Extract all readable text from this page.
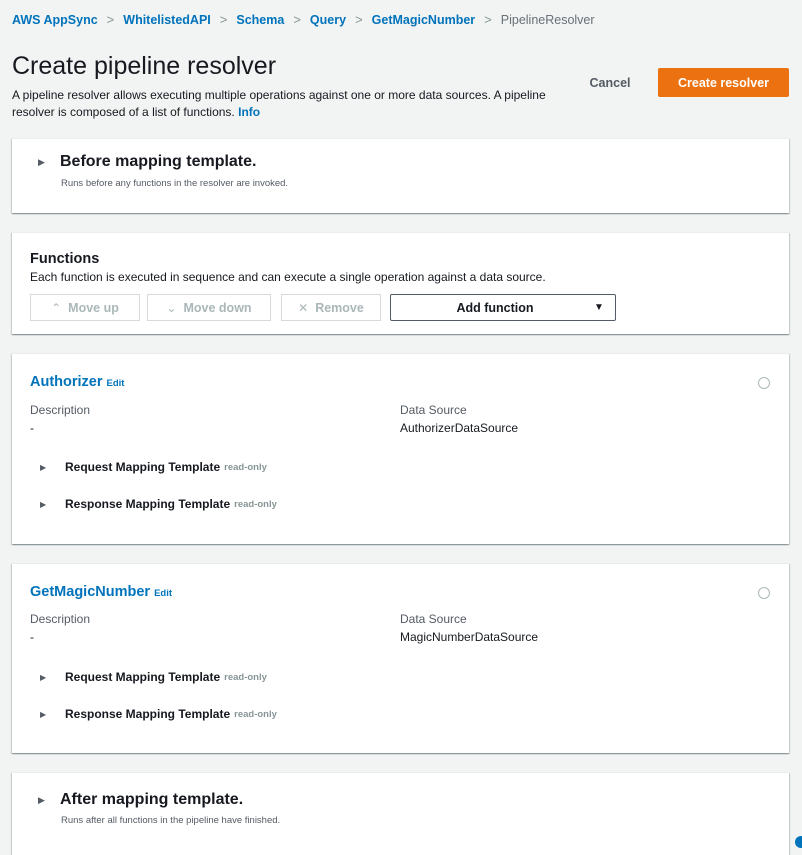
AWS AppSync > WhitelistedAPI > Schema > Query > GetMagicNumber > PipelineResolver
Create pipeline resolver

A pipeline resolver allows executing multiple operations against one or more data sources. A pipeline resolver is composed of a list of functions. Info

Cancel	Create resolver
▶ Before mapping template.
Runs before any functions in the resolver are invoked.
Functions
Each function is executed in sequence and can execute a single operation against a data source.
⌃ Move up	⌄ Move down	✕ Remove	Add function	▼
Authorizer Edit
Description
-
Data Source
AuthorizerDataSource
▶	Request Mapping Template read-only
▶	Response Mapping Template read-only
GetMagicNumber Edit
Description
-
Data Source
MagicNumberDataSource
▶	Request Mapping Template read-only
▶	Response Mapping Template read-only
▶ After mapping template.
Runs after all functions in the pipeline have finished.
